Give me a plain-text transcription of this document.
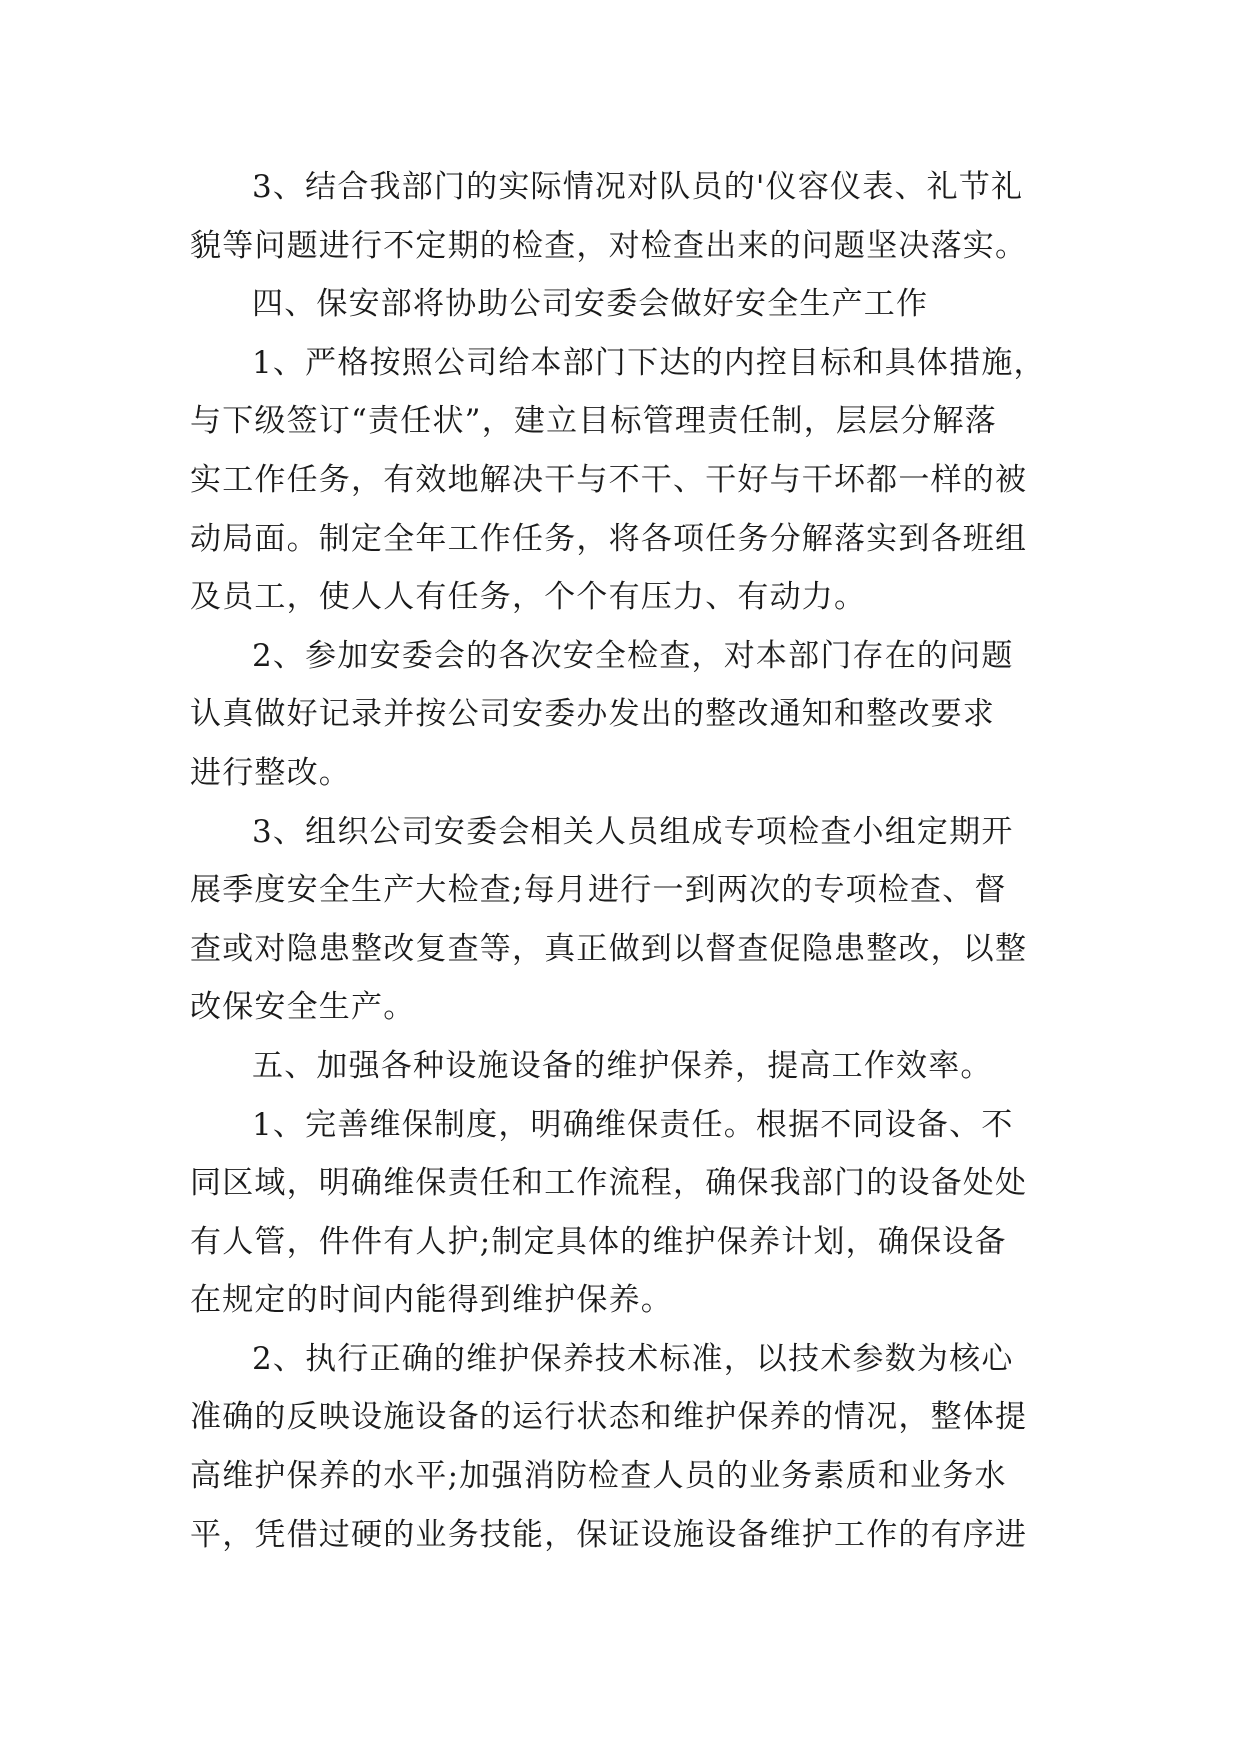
3、结合我部门的实际情况对队员的'仪容仪表、礼节礼
貌等问题进行不定期的检查，对检查出来的问题坚决落实。
四、保安部将协助公司安委会做好安全生产工作
1、严格按照公司给本部门下达的内控目标和具体措施，
与下级签订“责任状”，建立目标管理责任制，层层分解落
实工作任务，有效地解决干与不干、干好与干坏都一样的被
动局面。制定全年工作任务，将各项任务分解落实到各班组
及员工，使人人有任务，个个有压力、有动力。
2、参加安委会的各次安全检查，对本部门存在的问题
认真做好记录并按公司安委办发出的整改通知和整改要求
进行整改。
3、组织公司安委会相关人员组成专项检查小组定期开
展季度安全生产大检查;每月进行一到两次的专项检查、督
查或对隐患整改复查等，真正做到以督查促隐患整改，以整
改保安全生产。
五、加强各种设施设备的维护保养，提高工作效率。
1、完善维保制度，明确维保责任。根据不同设备、不
同区域，明确维保责任和工作流程，确保我部门的设备处处
有人管，件件有人护;制定具体的维护保养计划，确保设备
在规定的时间内能得到维护保养。
2、执行正确的维护保养技术标准，以技术参数为核心
准确的反映设施设备的运行状态和维护保养的情况，整体提
高维护保养的水平;加强消防检查人员的业务素质和业务水
平，凭借过硬的业务技能，保证设施设备维护工作的有序进
